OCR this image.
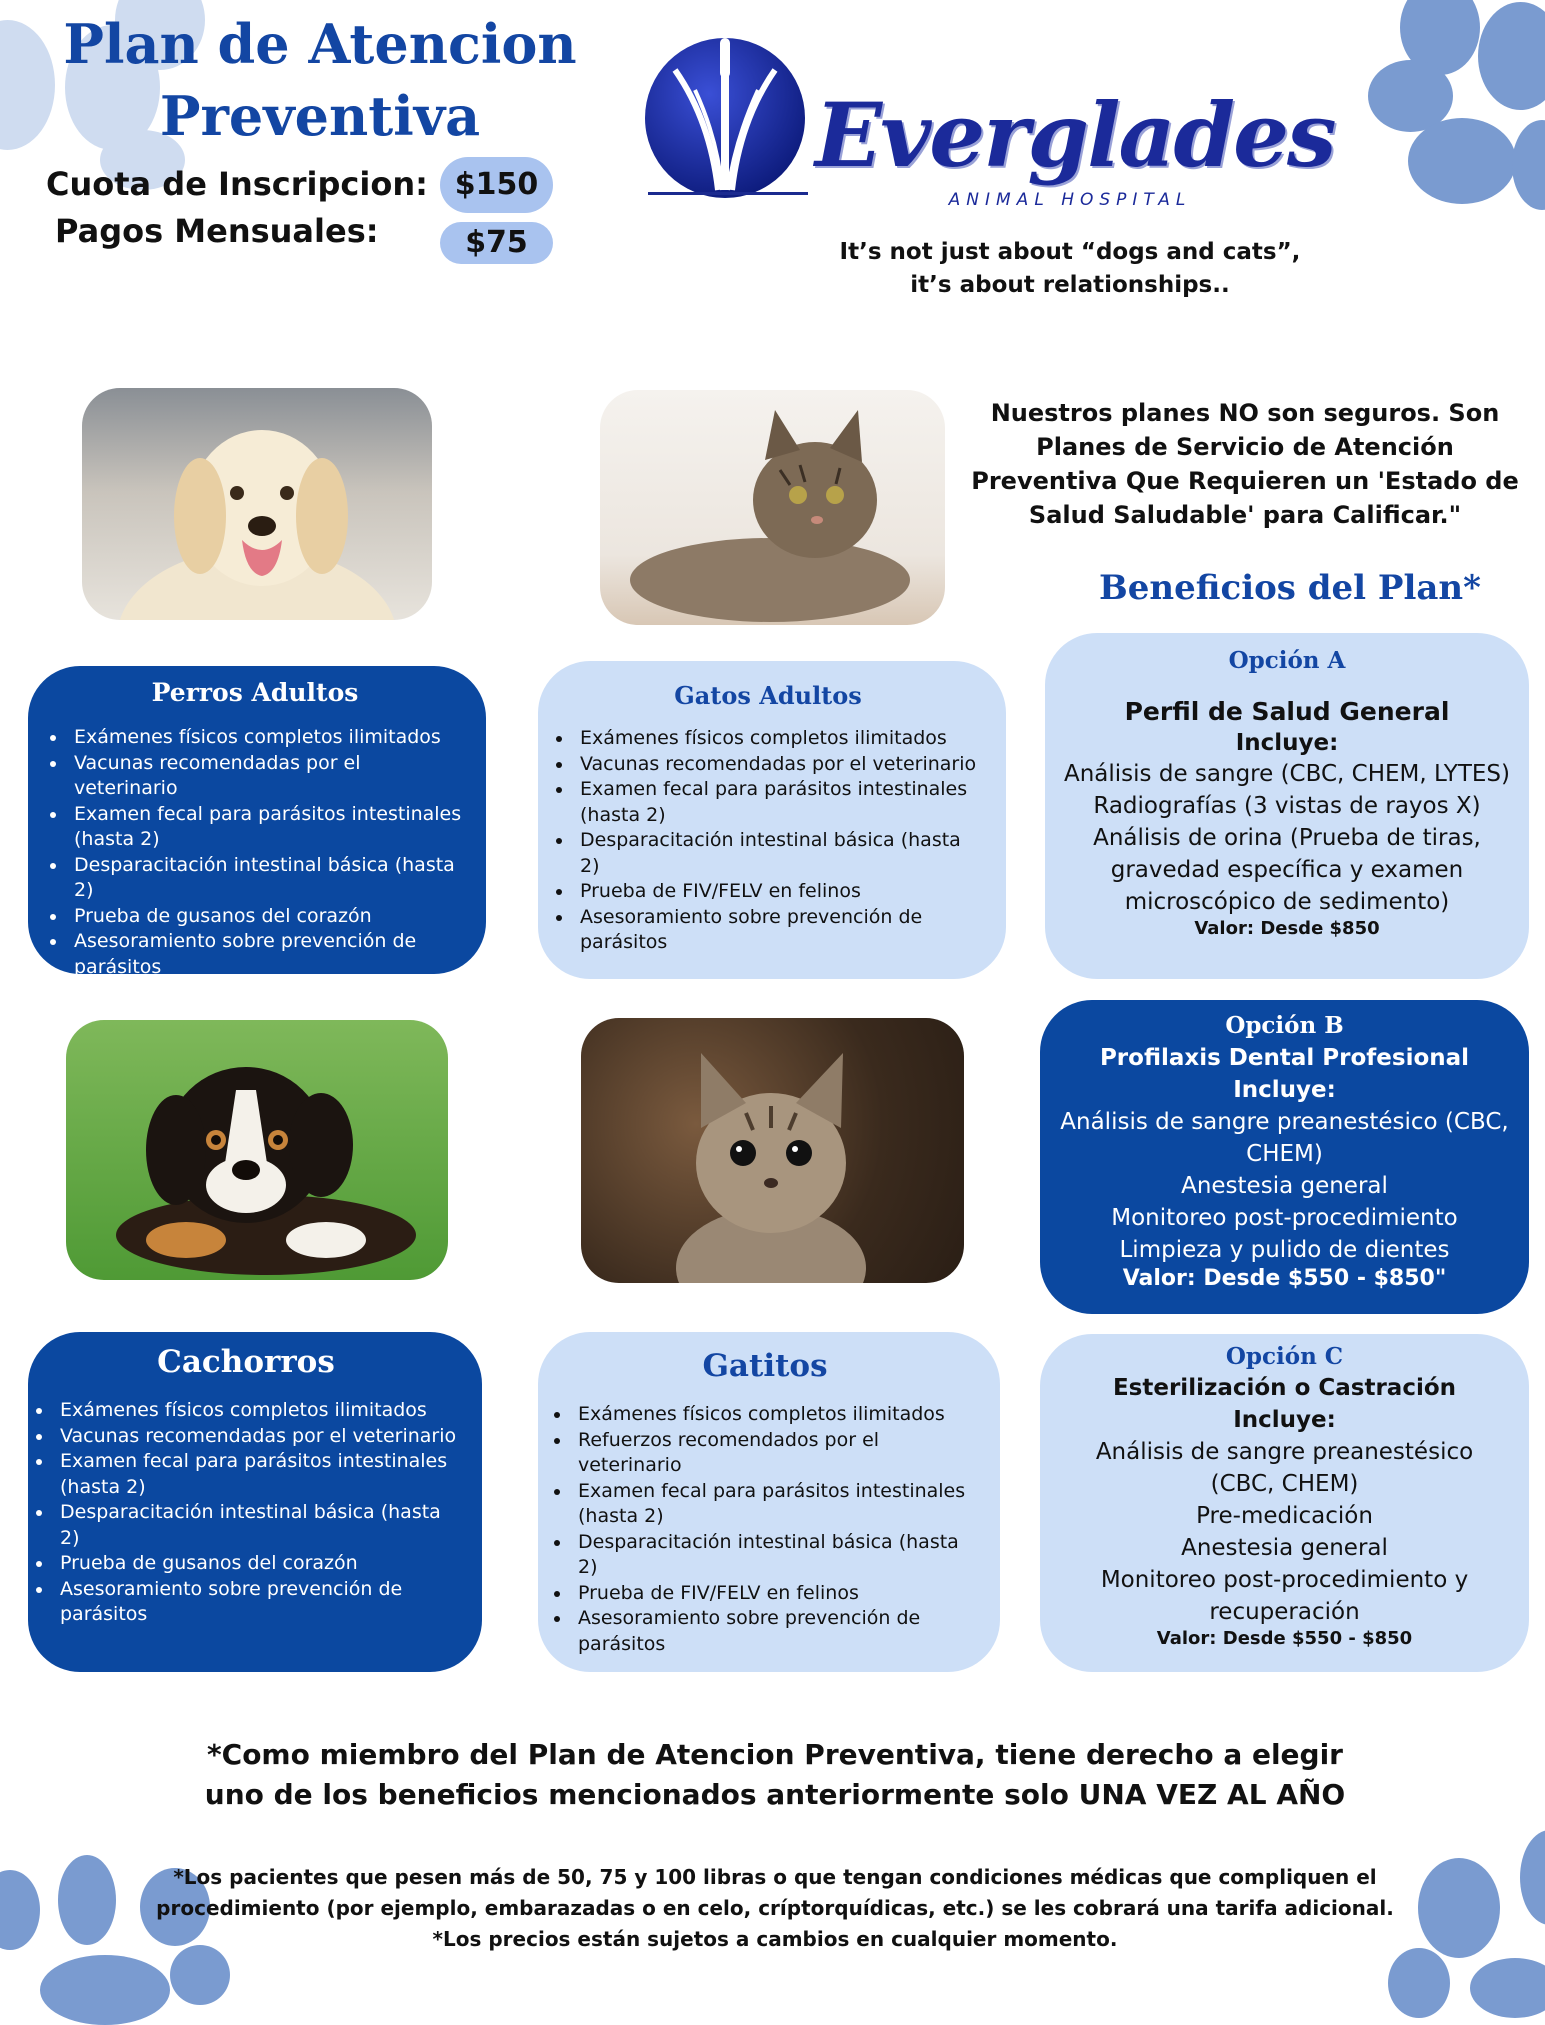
Plan de Atencion
Preventiva
Cuota de Inscripcion: $150
Pagos Mensuales:	$75
Everglades
ANIMAL HOSPITAL
It’s not just about “dogs and cats”,
it’s about relationships..
Nuestros planes NO son seguros. Son Planes de Servicio de Atención Preventiva Que Requieren un 'Estado de Salud Saludable' para Calificar."
Beneficios del Plan*
Perros Adultos
• Exámenes físicos completos ilimitados
• Vacunas recomendadas por el veterinario
• Examen fecal para parásitos intestinales (hasta 2)
• Desparacitación intestinal básica (hasta 2)
• Prueba de gusanos del corazón
• Asesoramiento sobre prevención de parásitos
Gatos Adultos
• Exámenes físicos completos ilimitados
• Vacunas recomendadas por el veterinario
• Examen fecal para parásitos intestinales (hasta 2)
• Desparacitación intestinal básica (hasta 2)
• Prueba de FIV/FELV en felinos
• Asesoramiento sobre prevención de parásitos
Cachorros
• Exámenes físicos completos ilimitados
• Vacunas recomendadas por el veterinario
• Examen fecal para parásitos intestinales (hasta 2)
• Desparacitación intestinal básica (hasta 2)
• Prueba de gusanos del corazón
• Asesoramiento sobre prevención de parásitos
Gatitos
• Exámenes físicos completos ilimitados
• Refuerzos recomendados por el veterinario
• Examen fecal para parásitos intestinales (hasta 2)
• Desparacitación intestinal básica (hasta 2)
• Prueba de FIV/FELV en felinos
• Asesoramiento sobre prevención de parásitos
Opción A
Perfil de Salud General
Incluye:
Análisis de sangre (CBC, CHEM, LYTES)
Radiografías (3 vistas de rayos X)
Análisis de orina (Prueba de tiras,
gravedad específica y examen
microscópico de sedimento)
Valor: Desde $850
Opción B
Profilaxis Dental Profesional
Incluye:
Análisis de sangre preanestésico (CBC,
CHEM)
Anestesia general
Monitoreo post-procedimiento
Limpieza y pulido de dientes
Valor: Desde $550 - $850"
Opción C
Esterilización o Castración
Incluye:
Análisis de sangre preanestésico
(CBC, CHEM)
Pre-medicación
Anestesia general
Monitoreo post-procedimiento y
recuperación
Valor: Desde $550 - $850
*Como miembro del Plan de Atencion Preventiva, tiene derecho a elegir
uno de los beneficios mencionados anteriormente solo UNA VEZ AL AÑO
*Los pacientes que pesen más de 50, 75 y 100 libras o que tengan condiciones médicas que compliquen el
procedimiento (por ejemplo, embarazadas o en celo, críptorquídicas, etc.) se les cobrará una tarifa adicional.
*Los precios están sujetos a cambios en cualquier momento.
